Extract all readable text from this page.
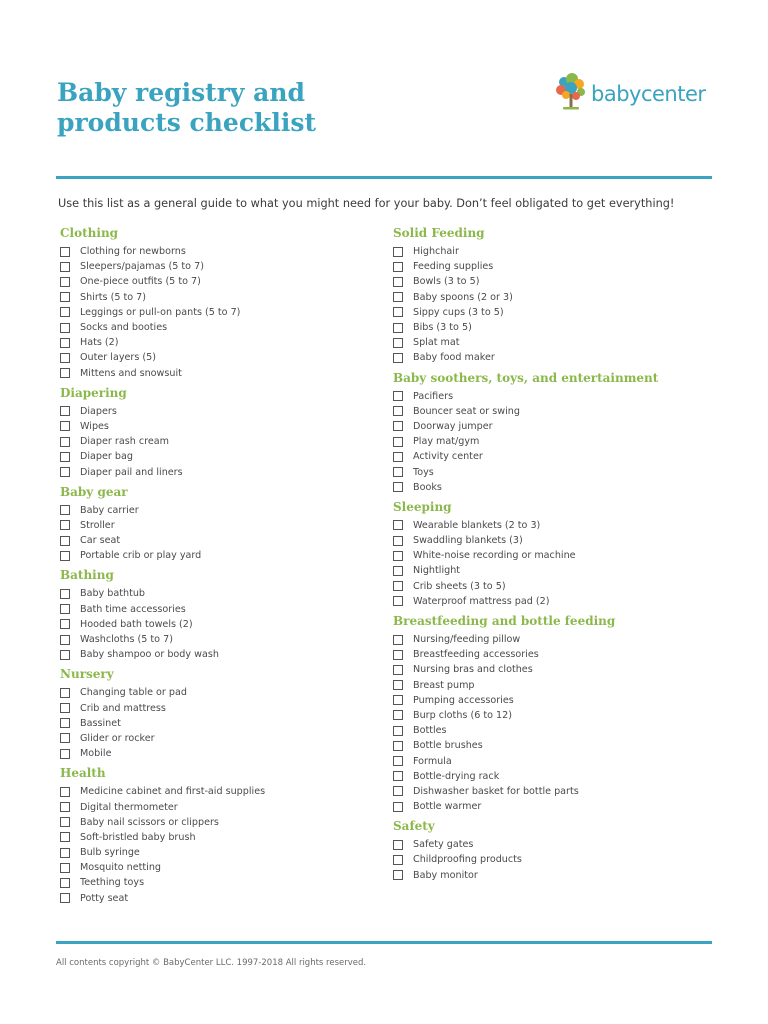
Baby registry and
products checklist
babycenter

Use this list as a general guide to what you might need for your baby. Don’t feel obligated to get everything!

Clothing
Clothing for newborns
Sleepers/pajamas (5 to 7)
One-piece outfits (5 to 7)
Shirts (5 to 7)
Leggings or pull-on pants (5 to 7)
Socks and booties
Hats (2)
Outer layers (5)
Mittens and snowsuit
Diapering
Diapers
Wipes
Diaper rash cream
Diaper bag
Diaper pail and liners
Baby gear
Baby carrier
Stroller
Car seat
Portable crib or play yard
Bathing
Baby bathtub
Bath time accessories
Hooded bath towels (2)
Washcloths (5 to 7)
Baby shampoo or body wash
Nursery
Changing table or pad
Crib and mattress
Bassinet
Glider or rocker
Mobile
Health
Medicine cabinet and first-aid supplies
Digital thermometer
Baby nail scissors or clippers
Soft-bristled baby brush
Bulb syringe
Mosquito netting
Teething toys
Potty seat
Solid Feeding
Highchair
Feeding supplies
Bowls (3 to 5)
Baby spoons (2 or 3)
Sippy cups (3 to 5)
Bibs (3 to 5)
Splat mat
Baby food maker
Baby soothers, toys, and entertainment
Pacifiers
Bouncer seat or swing
Doorway jumper
Play mat/gym
Activity center
Toys
Books
Sleeping
Wearable blankets (2 to 3)
Swaddling blankets (3)
White-noise recording or machine
Nightlight
Crib sheets (3 to 5)
Waterproof mattress pad (2)
Breastfeeding and bottle feeding
Nursing/feeding pillow
Breastfeeding accessories
Nursing bras and clothes
Breast pump
Pumping accessories
Burp cloths (6 to 12)
Bottles
Bottle brushes
Formula
Bottle-drying rack
Dishwasher basket for bottle parts
Bottle warmer
Safety
Safety gates
Childproofing products
Baby monitor

All contents copyright © BabyCenter LLC. 1997-2018 All rights reserved.
